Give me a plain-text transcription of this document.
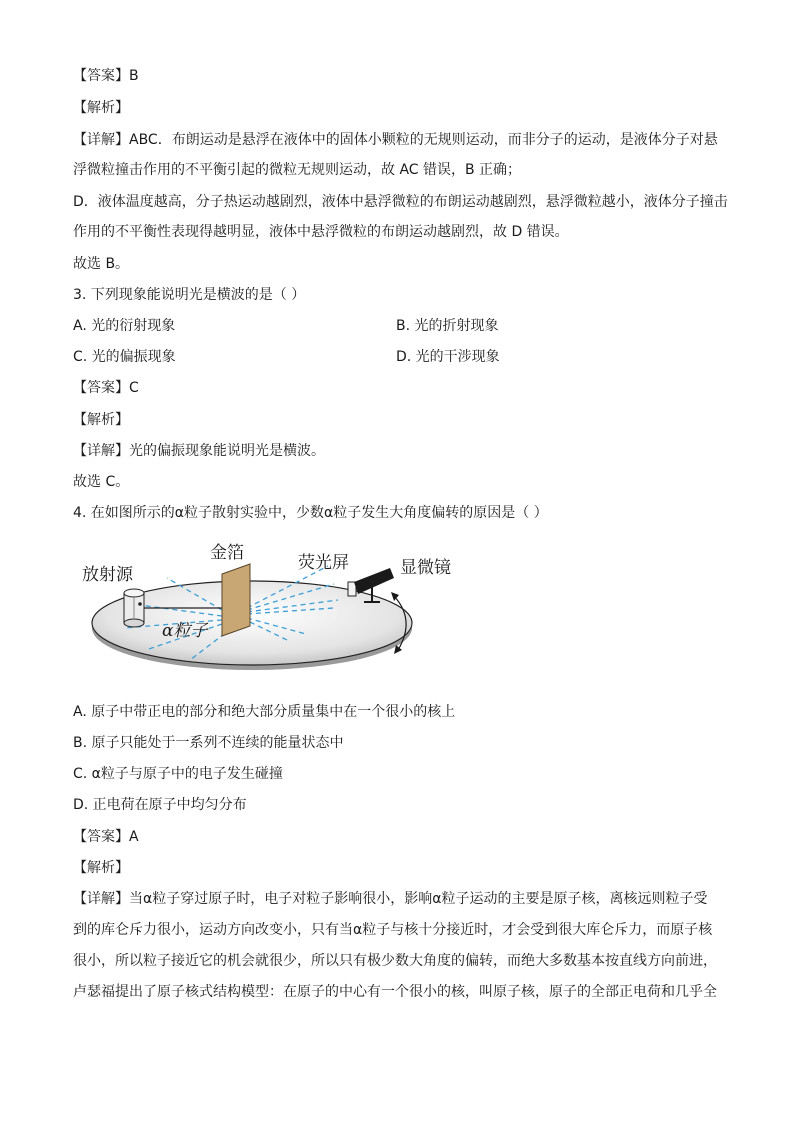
【答案】B
【解析】
【详解】ABC．布朗运动是悬浮在液体中的固体小颗粒的无规则运动，而非分子的运动，是液体分子对悬
浮微粒撞击作用的不平衡引起的微粒无规则运动，故 AC 错误，B 正确；
D．液体温度越高，分子热运动越剧烈，液体中悬浮微粒的布朗运动越剧烈，悬浮微粒越小，液体分子撞击
作用的不平衡性表现得越明显，液体中悬浮微粒的布朗运动越剧烈，故 D 错误。
故选 B。
3. 下列现象能说明光是横波的是（ ）
A. 光的衍射现象	B. 光的折射现象
C. 光的偏振现象	D. 光的干涉现象
【答案】C
【解析】
【详解】光的偏振现象能说明光是横波。
故选 C。
4. 在如图所示的α粒子散射实验中，少数α粒子发生大角度偏转的原因是（ ）
放射源
金箔	荧光屏	显微镜
α粒子
A. 原子中带正电的部分和绝大部分质量集中在一个很小的核上
B. 原子只能处于一系列不连续的能量状态中
C. α粒子与原子中的电子发生碰撞
D. 正电荷在原子中均匀分布
【答案】A
【解析】
【详解】当α粒子穿过原子时，电子对粒子影响很小，影响α粒子运动的主要是原子核，离核远则粒子受
到的库仑斥力很小，运动方向改变小，只有当α粒子与核十分接近时，才会受到很大库仑斥力，而原子核
很小，所以粒子接近它的机会就很少，所以只有极少数大角度的偏转，而绝大多数基本按直线方向前进，
卢瑟福提出了原子核式结构模型：在原子的中心有一个很小的核，叫原子核，原子的全部正电荷和几乎全
